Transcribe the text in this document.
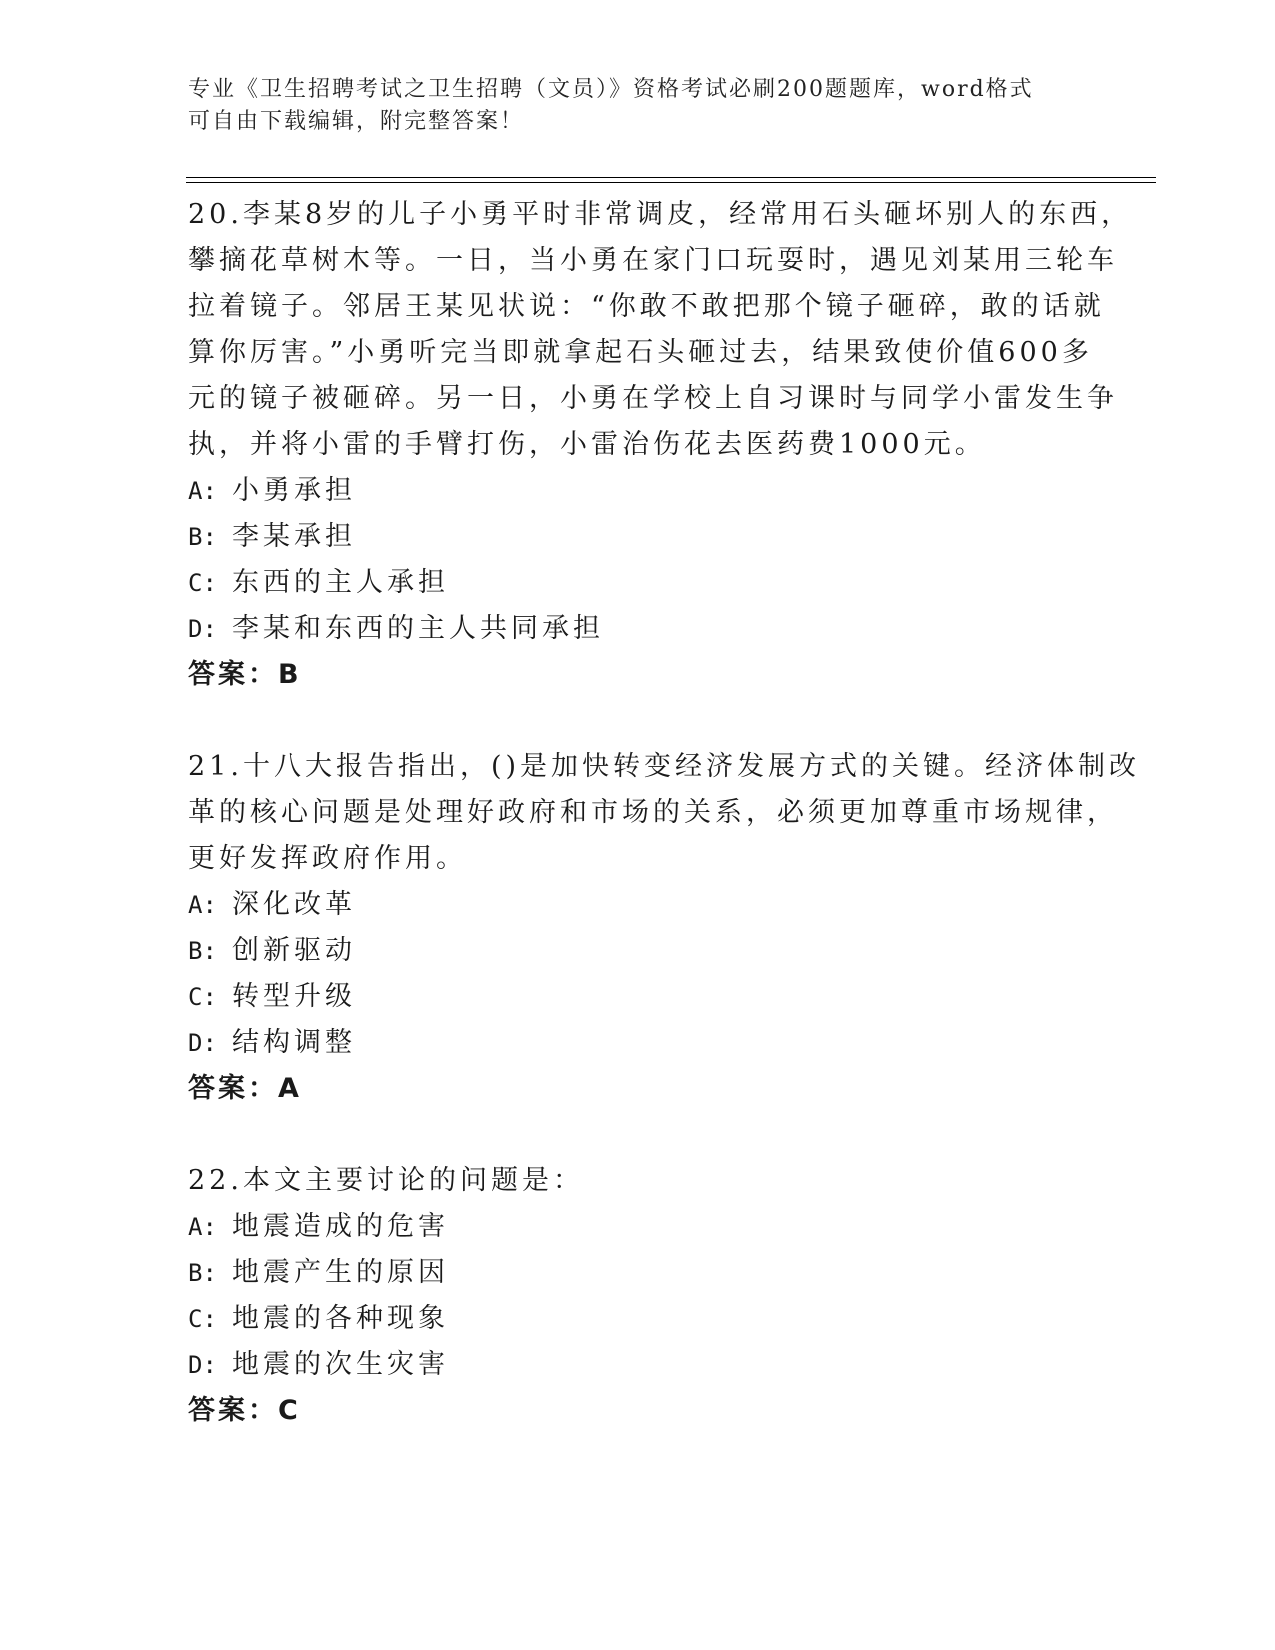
专业《卫生招聘考试之卫生招聘（文员）》资格考试必刷200题题库，word格式
可自由下载编辑，附完整答案！
20.李某8岁的儿子小勇平时非常调皮，经常用石头砸坏别人的东西，
攀摘花草树木等。一日，当小勇在家门口玩耍时，遇见刘某用三轮车
拉着镜子。邻居王某见状说：“你敢不敢把那个镜子砸碎，敢的话就
算你厉害。”小勇听完当即就拿起石头砸过去，结果致使价值600多
元的镜子被砸碎。另一日，小勇在学校上自习课时与同学小雷发生争
执，并将小雷的手臂打伤，小雷治伤花去医药费1000元。
A: 小勇承担
B: 李某承担
C: 东西的主人承担
D: 李某和东西的主人共同承担
答案：B
21.十八大报告指出，()是加快转变经济发展方式的关键。经济体制改
革的核心问题是处理好政府和市场的关系，必须更加尊重市场规律，
更好发挥政府作用。
A: 深化改革
B: 创新驱动
C: 转型升级
D: 结构调整
答案：A
22.本文主要讨论的问题是：
A: 地震造成的危害
B: 地震产生的原因
C: 地震的各种现象
D: 地震的次生灾害
答案：C
